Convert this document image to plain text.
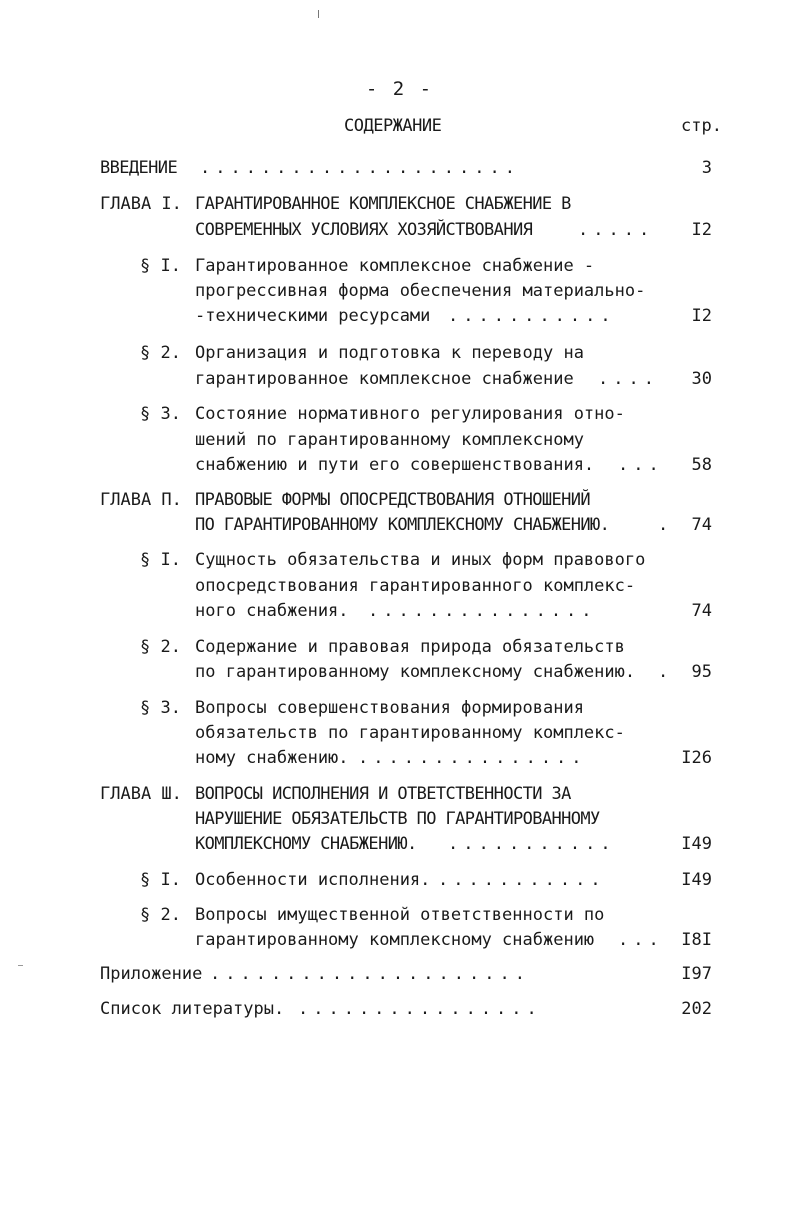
- 2 -
СОДЕРЖАНИЕ	стр.
ВВЕДЕНИЕ .....................	3
ГЛАВА I. ГАРАНТИРОВАННОЕ КОМПЛЕКСНОЕ СНАБЖЕНИЕ В
СОВРЕМЕННЫХ УСЛОВИЯХ ХОЗЯЙСТВОВАНИЯ	.....	I2
§ I. Гарантированное комплексное снабжение -
прогрессивная форма обеспечения материально-
-техническими ресурсами ...........	I2
§ 2. Организация и подготовка к переводу на
гарантированное комплексное снабжение ....	30
§ 3. Состояние нормативного регулирования отно-
шений по гарантированному комплексному
снабжению и пути его совершенствования. ...	58
ГЛАВА П. ПРАВОВЫЕ ФОРМЫ ОПОСРЕДСТВОВАНИЯ ОТНОШЕНИЙ
ПО ГАРАНТИРОВАННОМУ КОМПЛЕКСНОМУ СНАБЖЕНИЮ.	.	74
§ I. Сущность обязательства и иных форм правового
опосредствования гарантированного комплекс-
ного снабжения. ...............	74
§ 2. Содержание и правовая природа обязательств
по гарантированному комплексному снабжению. .	95
§ 3. Вопросы совершенствования формирования
обязательств по гарантированному комплекс-
ному снабжению. ...............	I26
ГЛАВА Ш. ВОПРОСЫ ИСПОЛНЕНИЯ И ОТВЕТСТВЕННОСТИ ЗА
НАРУШЕНИЕ ОБЯЗАТЕЛЬСТВ ПО ГАРАНТИРОВАННОМУ
КОМПЛЕКСНОМУ СНАБЖЕНИЮ. ...........	I49
§ I. Особенности исполнения. ...........	I49
§ 2. Вопросы имущественной ответственности по
гарантированному комплексному снабжению ...	I8I
Приложение .....................	I97
Список литературы. ................	202
